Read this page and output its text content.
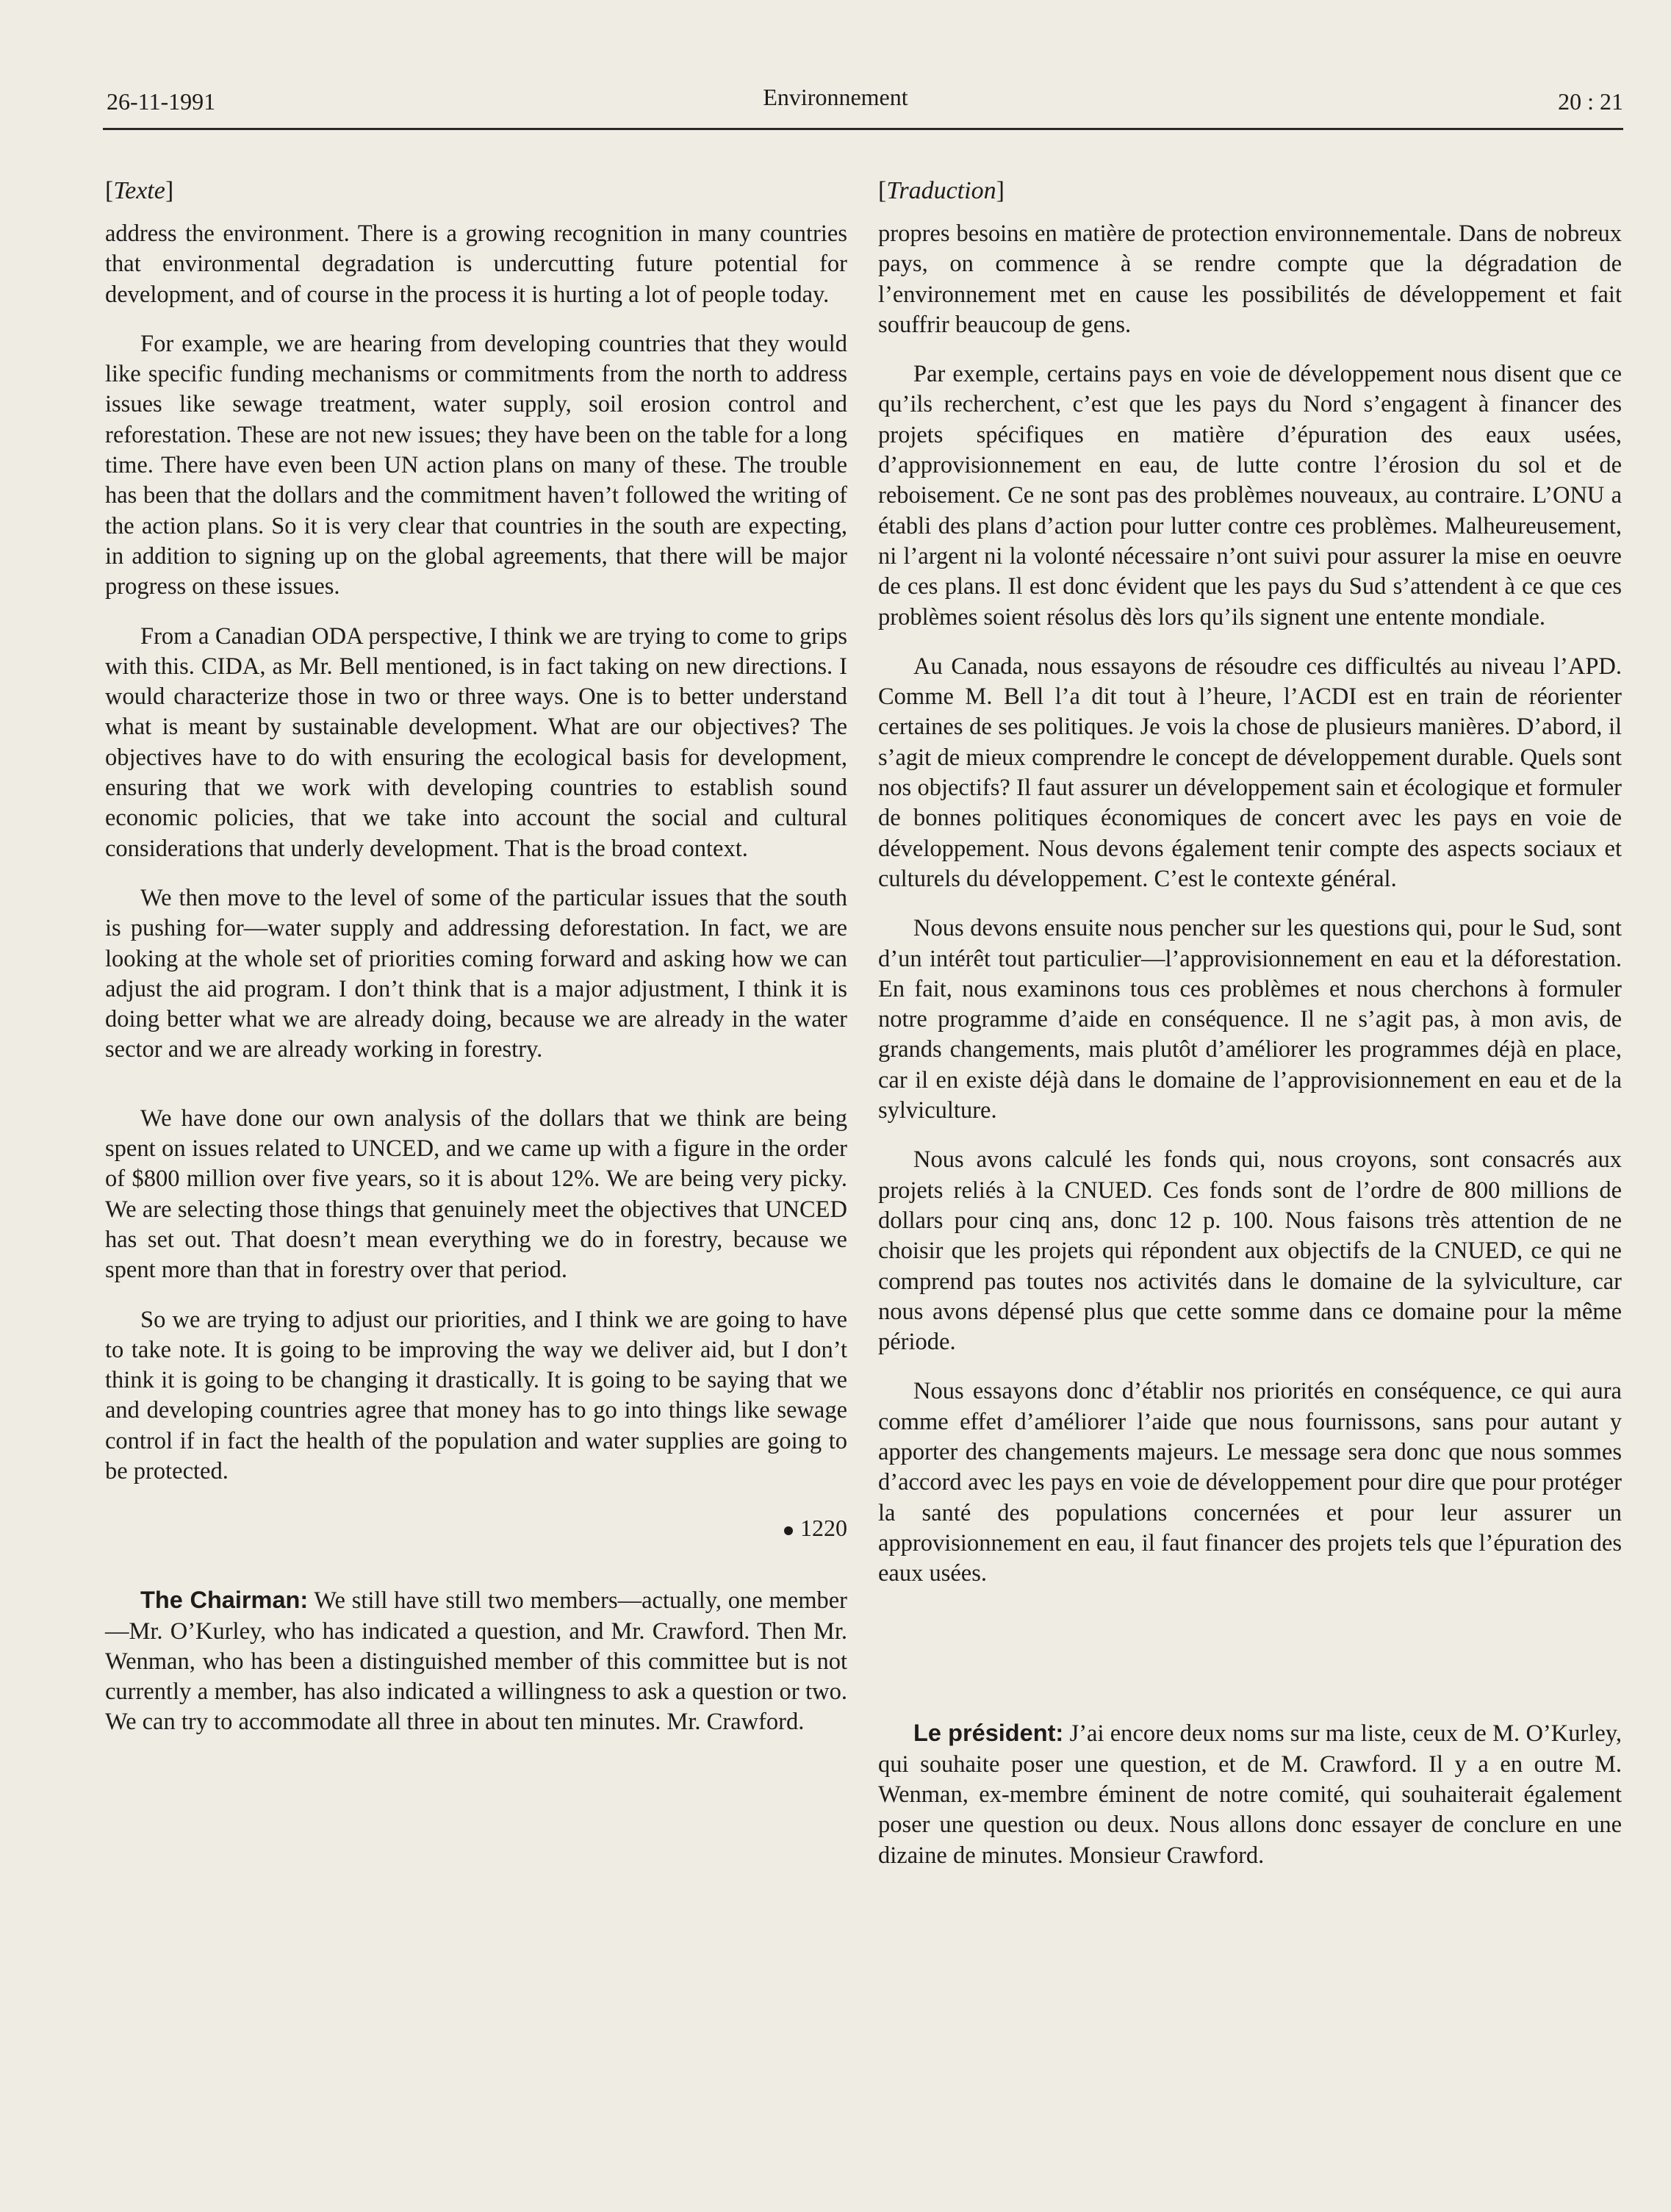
26-11-1991	Environnement	20 : 21
[Texte]

address the environment. There is a growing recognition in many countries that environmental degradation is undercutting future potential for development, and of course in the process it is hurting a lot of people today.

For example, we are hearing from developing countries that they would like specific funding mechanisms or commitments from the north to address issues like sewage treatment, water supply, soil erosion control and reforestation. These are not new issues; they have been on the table for a long time. There have even been UN action plans on many of these. The trouble has been that the dollars and the commitment haven’t followed the writing of the action plans. So it is very clear that countries in the south are expecting, in addition to signing up on the global agreements, that there will be major progress on these issues.

From a Canadian ODA perspective, I think we are trying to come to grips with this. CIDA, as Mr. Bell mentioned, is in fact taking on new directions. I would characterize those in two or three ways. One is to better understand what is meant by sustainable development. What are our objectives? The objectives have to do with ensuring the ecological basis for development, ensuring that we work with developing countries to establish sound economic policies, that we take into account the social and cultural considerations that underly development. That is the broad context.

We then move to the level of some of the particular issues that the south is pushing for—water supply and addressing deforestation. In fact, we are looking at the whole set of priorities coming forward and asking how we can adjust the aid program. I don’t think that is a major adjustment, I think it is doing better what we are already doing, because we are already in the water sector and we are already working in forestry.

We have done our own analysis of the dollars that we think are being spent on issues related to UNCED, and we came up with a figure in the order of $800 million over five years, so it is about 12%. We are being very picky. We are selecting those things that genuinely meet the objectives that UNCED has set out. That doesn’t mean everything we do in forestry, because we spent more than that in forestry over that period.

So we are trying to adjust our priorities, and I think we are going to have to take note. It is going to be improving the way we deliver aid, but I don’t think it is going to be changing it drastically. It is going to be saying that we and developing countries agree that money has to go into things like sewage control if in fact the health of the population and water supplies are going to be protected.

1220

The Chairman: We still have still two members—actually, one member—Mr. O’Kurley, who has indicated a question, and Mr. Crawford. Then Mr. Wenman, who has been a distinguished member of this committee but is not currently a member, has also indicated a willingness to ask a question or two. We can try to accommodate all three in about ten minutes. Mr. Crawford.

[Traduction]

propres besoins en matière de protection environnementale. Dans de nobreux pays, on commence à se rendre compte que la dégradation de l’environnement met en cause les possibilités de développement et fait souffrir beaucoup de gens.

Par exemple, certains pays en voie de développement nous disent que ce qu’ils recherchent, c’est que les pays du Nord s’engagent à financer des projets spécifiques en matière d’épuration des eaux usées, d’approvisionnement en eau, de lutte contre l’érosion du sol et de reboisement. Ce ne sont pas des problèmes nouveaux, au contraire. L’ONU a établi des plans d’action pour lutter contre ces problèmes. Malheureusement, ni l’argent ni la volonté nécessaire n’ont suivi pour assurer la mise en oeuvre de ces plans. Il est donc évident que les pays du Sud s’attendent à ce que ces problèmes soient résolus dès lors qu’ils signent une entente mondiale.

Au Canada, nous essayons de résoudre ces difficultés au niveau l’APD. Comme M. Bell l’a dit tout à l’heure, l’ACDI est en train de réorienter certaines de ses politiques. Je vois la chose de plusieurs manières. D’abord, il s’agit de mieux comprendre le concept de développement durable. Quels sont nos objectifs? Il faut assurer un développement sain et écologique et formuler de bonnes politiques économiques de concert avec les pays en voie de développement. Nous devons également tenir compte des aspects sociaux et culturels du développement. C’est le contexte général.

Nous devons ensuite nous pencher sur les questions qui, pour le Sud, sont d’un intérêt tout particulier—l’approvisionnement en eau et la déforestation. En fait, nous examinons tous ces problèmes et nous cherchons à formuler notre programme d’aide en conséquence. Il ne s’agit pas, à mon avis, de grands changements, mais plutôt d’améliorer les programmes déjà en place, car il en existe déjà dans le domaine de l’approvisionnement en eau et de la sylviculture.

Nous avons calculé les fonds qui, nous croyons, sont consacrés aux projets reliés à la CNUED. Ces fonds sont de l’ordre de 800 millions de dollars pour cinq ans, donc 12 p. 100. Nous faisons très attention de ne choisir que les projets qui répondent aux objectifs de la CNUED, ce qui ne comprend pas toutes nos activités dans le domaine de la sylviculture, car nous avons dépensé plus que cette somme dans ce domaine pour la même période.

Nous essayons donc d’établir nos priorités en conséquence, ce qui aura comme effet d’améliorer l’aide que nous fournissons, sans pour autant y apporter des changements majeurs. Le message sera donc que nous sommes d’accord avec les pays en voie de développement pour dire que pour protéger la santé des populations concernées et pour leur assurer un approvisionnement en eau, il faut financer des projets tels que l’épuration des eaux usées.

Le président: J’ai encore deux noms sur ma liste, ceux de M. O’Kurley, qui souhaite poser une question, et de M. Crawford. Il y a en outre M. Wenman, ex-membre éminent de notre comité, qui souhaiterait également poser une question ou deux. Nous allons donc essayer de conclure en une dizaine de minutes. Monsieur Crawford.
